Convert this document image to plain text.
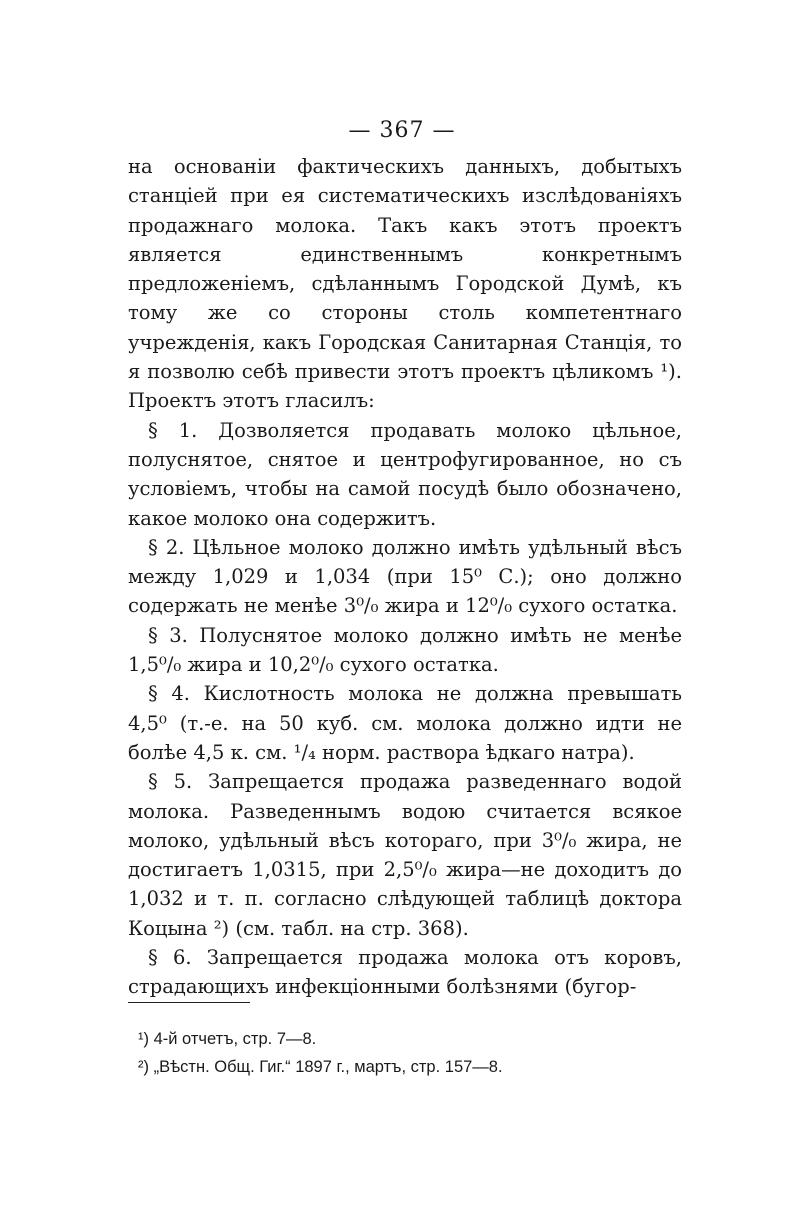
— 367 —

на основаніи фактическихъ данныхъ, добытыхъ станціей при ея систематическихъ изслѣдованіяхъ продажнаго молока. Такъ какъ этотъ проектъ является единственнымъ конкретнымъ предложеніемъ, сдѣланнымъ Городской Думѣ, къ тому же со стороны столь компетентнаго учрежденія, какъ Городская Санитарная Станція, то я позволю себѣ привести этотъ проектъ цѣликомъ ¹). Проектъ этотъ гласилъ:

§ 1. Дозволяется продавать молоко цѣльное, полуснятое, снятое и центрофугированное, но съ условіемъ, чтобы на самой посудѣ было обозначено, какое молоко она содержитъ.

§ 2. Цѣльное молоко должно имѣть удѣльный вѣсъ между 1,029 и 1,034 (при 15⁰ С.); оно должно содержать не менѣе 3⁰/₀ жира и 12⁰/₀ сухого остатка.

§ 3. Полуснятое молоко должно имѣть не менѣе 1,5⁰/₀ жира и 10,2⁰/₀ сухого остатка.

§ 4. Кислотность молока не должна превышать 4,5⁰ (т.-е. на 50 куб. см. молока должно идти не болѣе 4,5 к. см. ¹/₄ норм. раствора ѣдкаго натра).

§ 5. Запрещается продажа разведеннаго водой молока. Разведеннымъ водою считается всякое молоко, удѣльный вѣсъ котораго, при 3⁰/₀ жира, не достигаетъ 1,0315, при 2,5⁰/₀ жира—не доходитъ до 1,032 и т. п. согласно слѣдующей таблицѣ доктора Коцына ²) (см. табл. на стр. 368).

§ 6. Запрещается продажа молока отъ коровъ, страдающихъ инфекціонными болѣзнями (бугор-

¹) 4-й отчетъ, стр. 7—8.
²) „Вѣстн. Общ. Гиг.“ 1897 г., мартъ, стр. 157—8.
